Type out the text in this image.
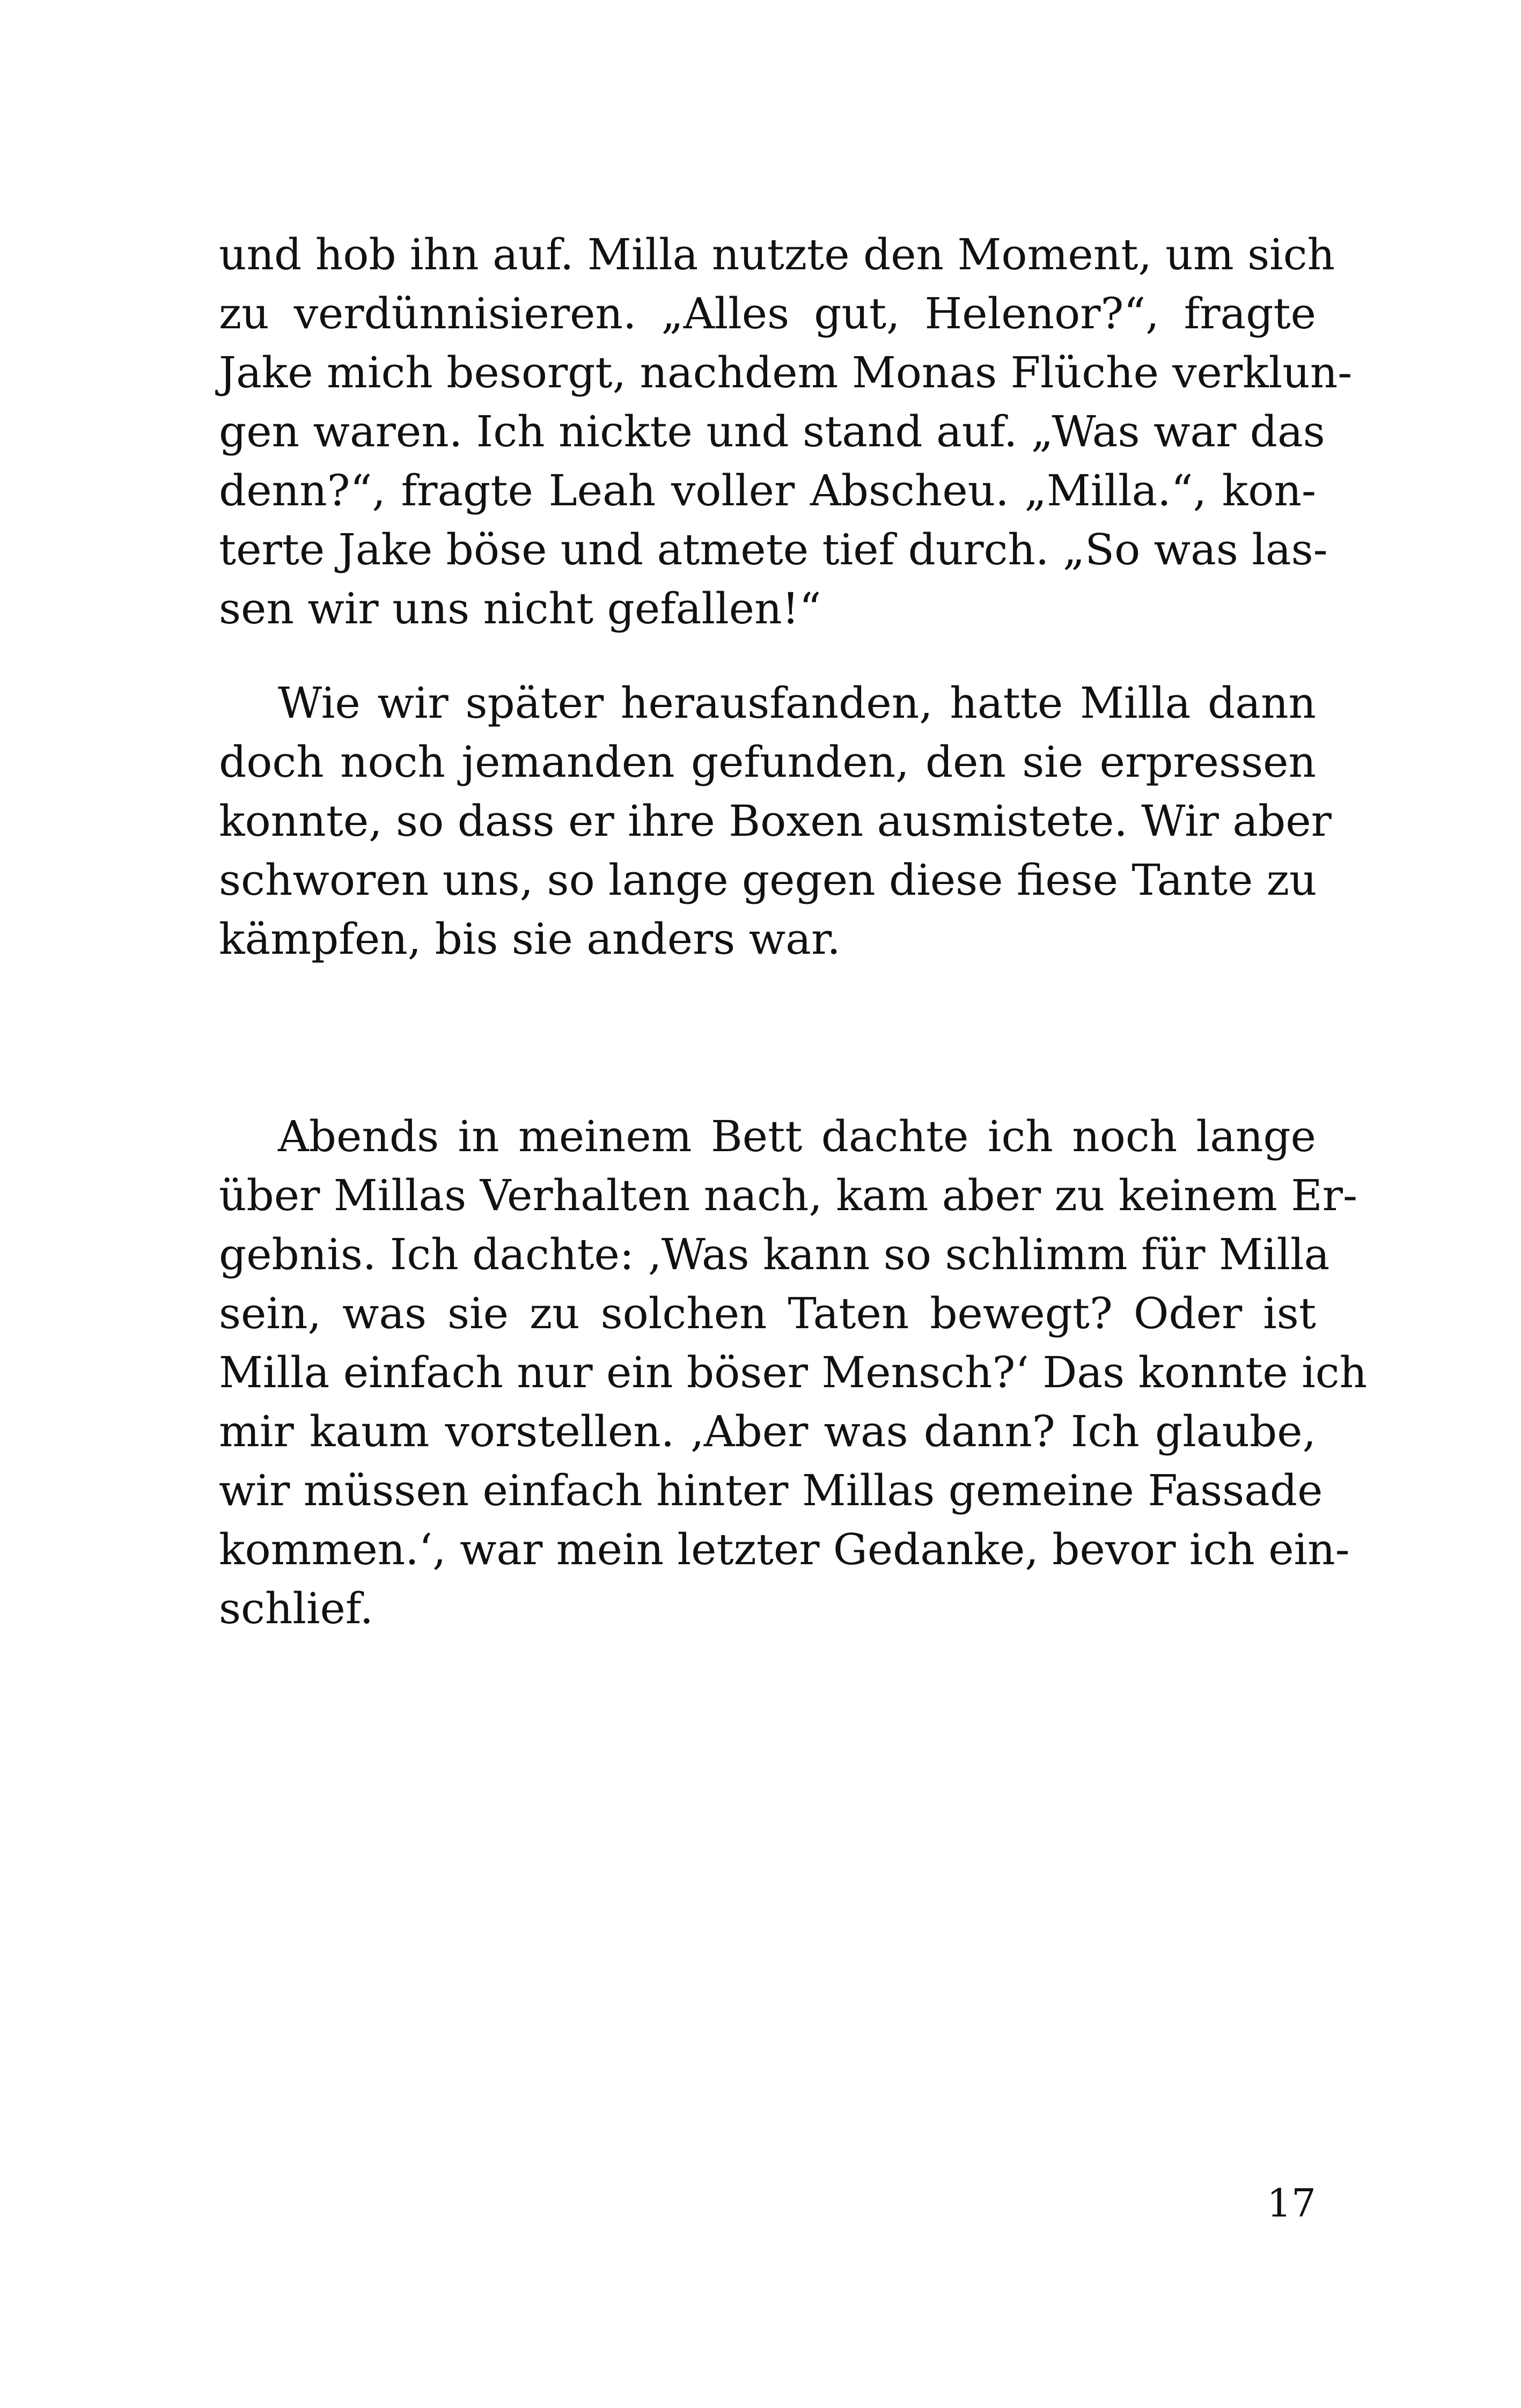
und hob ihn auf. Milla nutzte den Moment, um sich
zu verdünnisieren. „Alles gut, Helenor?“, fragte
Jake mich besorgt, nachdem Monas Flüche verklun-
gen waren. Ich nickte und stand auf. „Was war das
denn?“, fragte Leah voller Abscheu. „Milla.“, kon-
terte Jake böse und atmete tief durch. „So was las-
sen wir uns nicht gefallen!“
Wie wir später herausfanden, hatte Milla dann
doch noch jemanden gefunden, den sie erpressen
konnte, so dass er ihre Boxen ausmistete. Wir aber
schworen uns, so lange gegen diese fiese Tante zu
kämpfen, bis sie anders war.
Abends in meinem Bett dachte ich noch lange
über Millas Verhalten nach, kam aber zu keinem Er-
gebnis. Ich dachte: ‚Was kann so schlimm für Milla
sein, was sie zu solchen Taten bewegt? Oder ist
Milla einfach nur ein böser Mensch?‘ Das konnte ich
mir kaum vorstellen. ‚Aber was dann? Ich glaube,
wir müssen einfach hinter Millas gemeine Fassade
kommen.‘, war mein letzter Gedanke, bevor ich ein-
schlief.
17
